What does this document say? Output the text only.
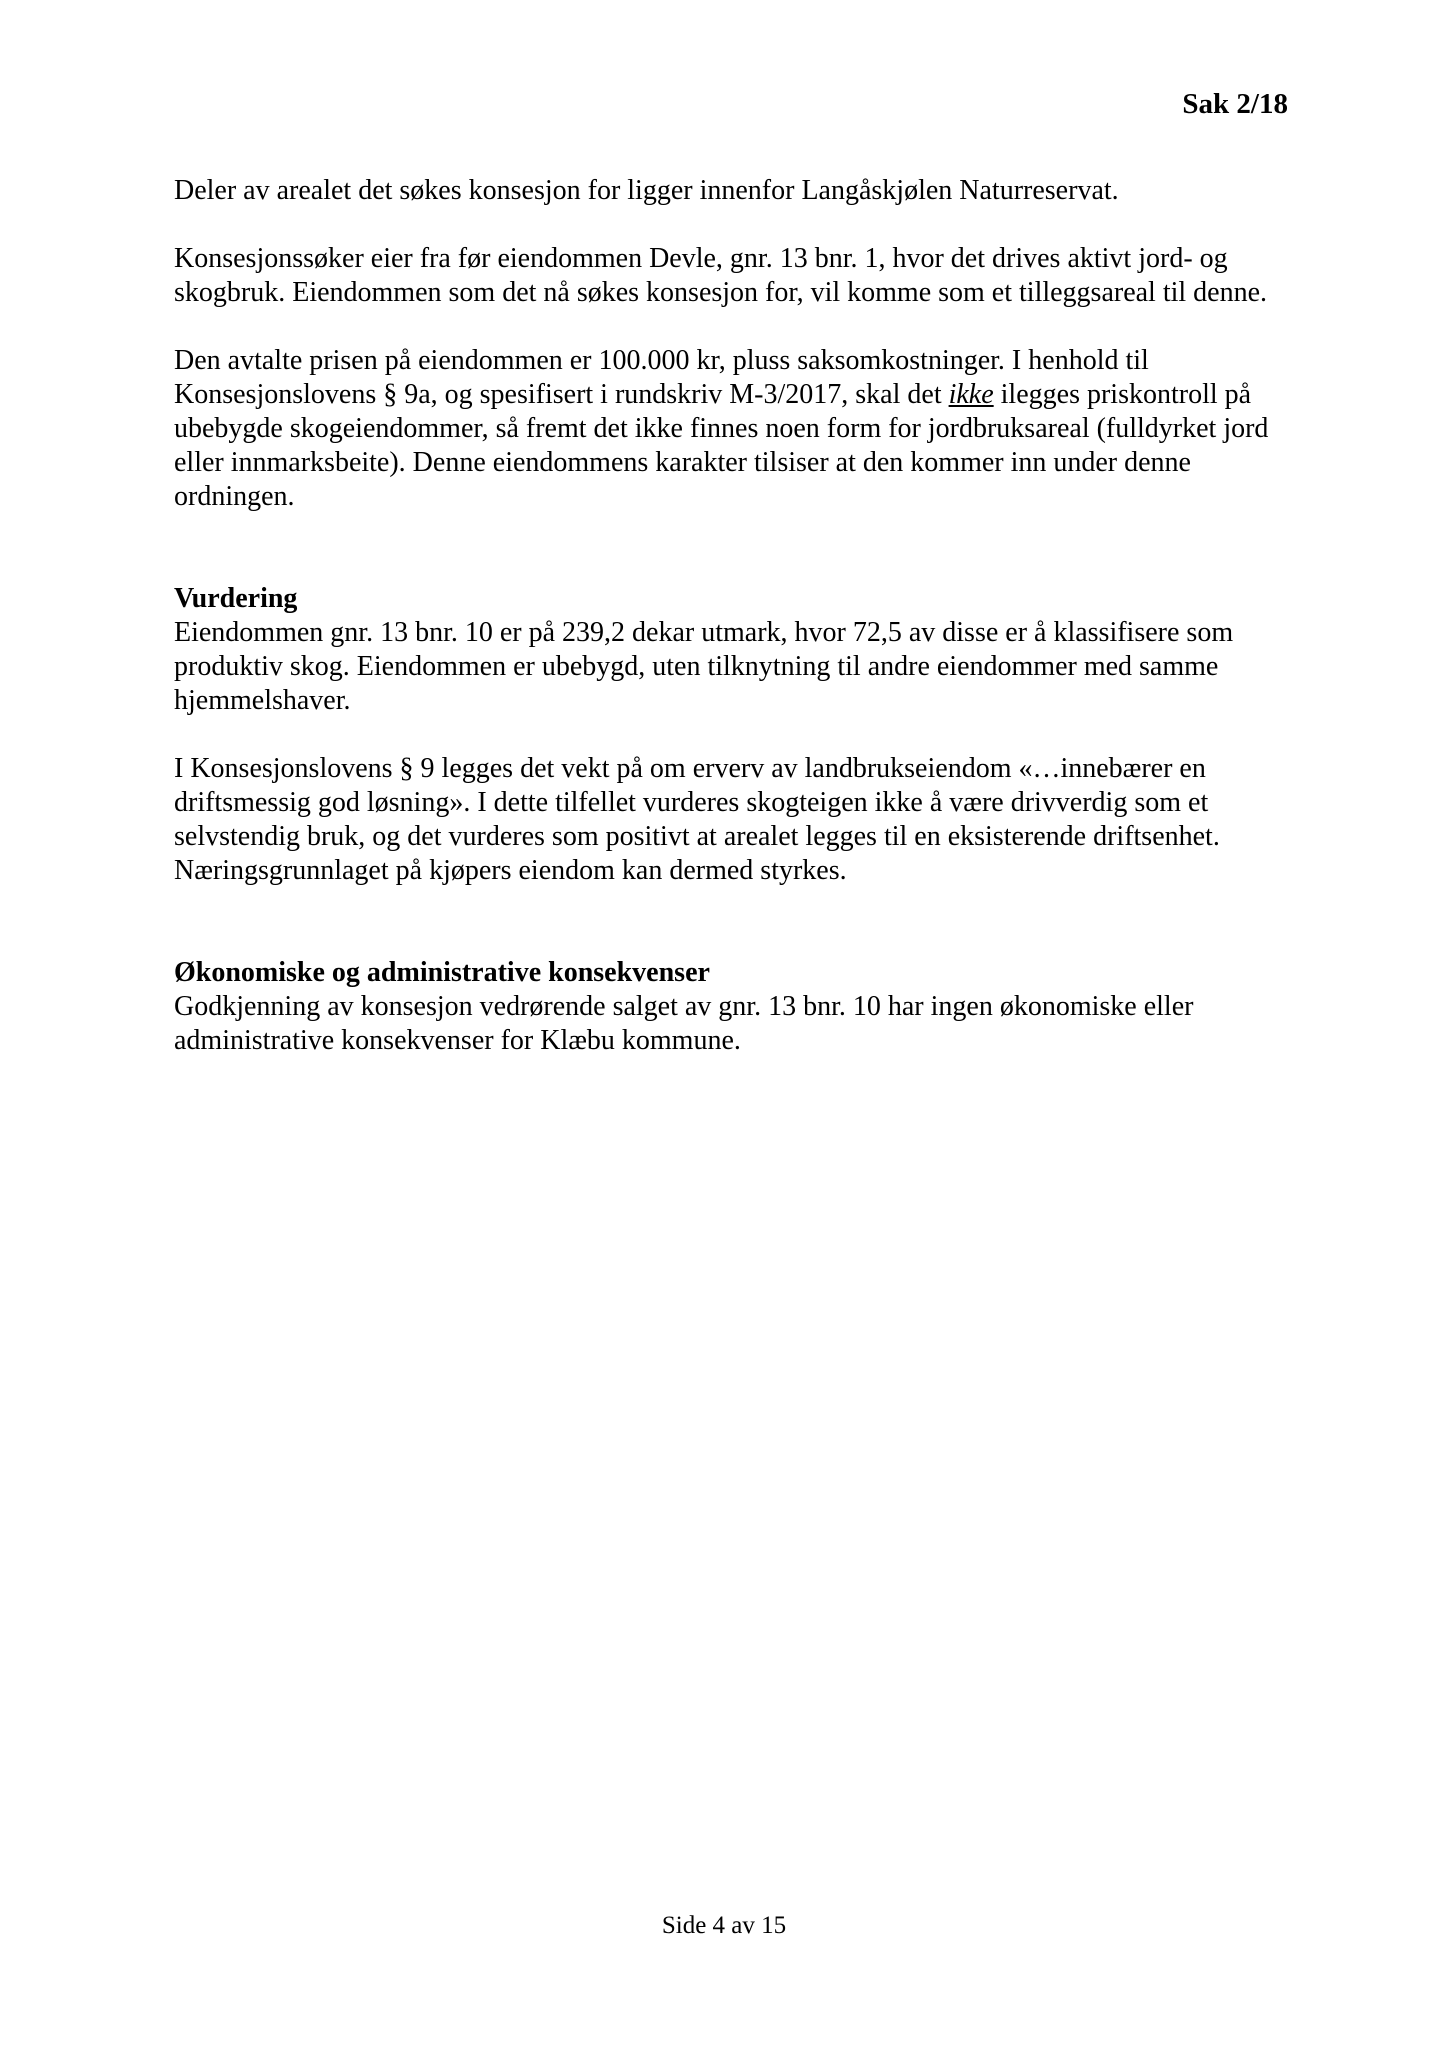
Sak 2/18

Deler av arealet det søkes konsesjon for ligger innenfor Langåskjølen Naturreservat.

Konsesjonssøker eier fra før eiendommen Devle, gnr. 13 bnr. 1, hvor det drives aktivt jord- og skogbruk. Eiendommen som det nå søkes konsesjon for, vil komme som et tilleggsareal til denne.

Den avtalte prisen på eiendommen er 100.000 kr, pluss saksomkostninger. I henhold til Konsesjonslovens § 9a, og spesifisert i rundskriv M-3/2017, skal det ikke ilegges priskontroll på ubebygde skogeiendommer, så fremt det ikke finnes noen form for jordbruksareal (fulldyrket jord eller innmarksbeite). Denne eiendommens karakter tilsiser at den kommer inn under denne ordningen.

Vurdering

Eiendommen gnr. 13 bnr. 10 er på 239,2 dekar utmark, hvor 72,5 av disse er å klassifisere som produktiv skog. Eiendommen er ubebygd, uten tilknytning til andre eiendommer med samme hjemmelshaver.

I Konsesjonslovens § 9 legges det vekt på om erverv av landbrukseiendom «…innebærer en driftsmessig god løsning». I dette tilfellet vurderes skogteigen ikke å være drivverdig som et selvstendig bruk, og det vurderes som positivt at arealet legges til en eksisterende driftsenhet. Næringsgrunnlaget på kjøpers eiendom kan dermed styrkes.

Økonomiske og administrative konsekvenser

Godkjenning av konsesjon vedrørende salget av gnr. 13 bnr. 10 har ingen økonomiske eller administrative konsekvenser for Klæbu kommune.

Side 4 av 15
